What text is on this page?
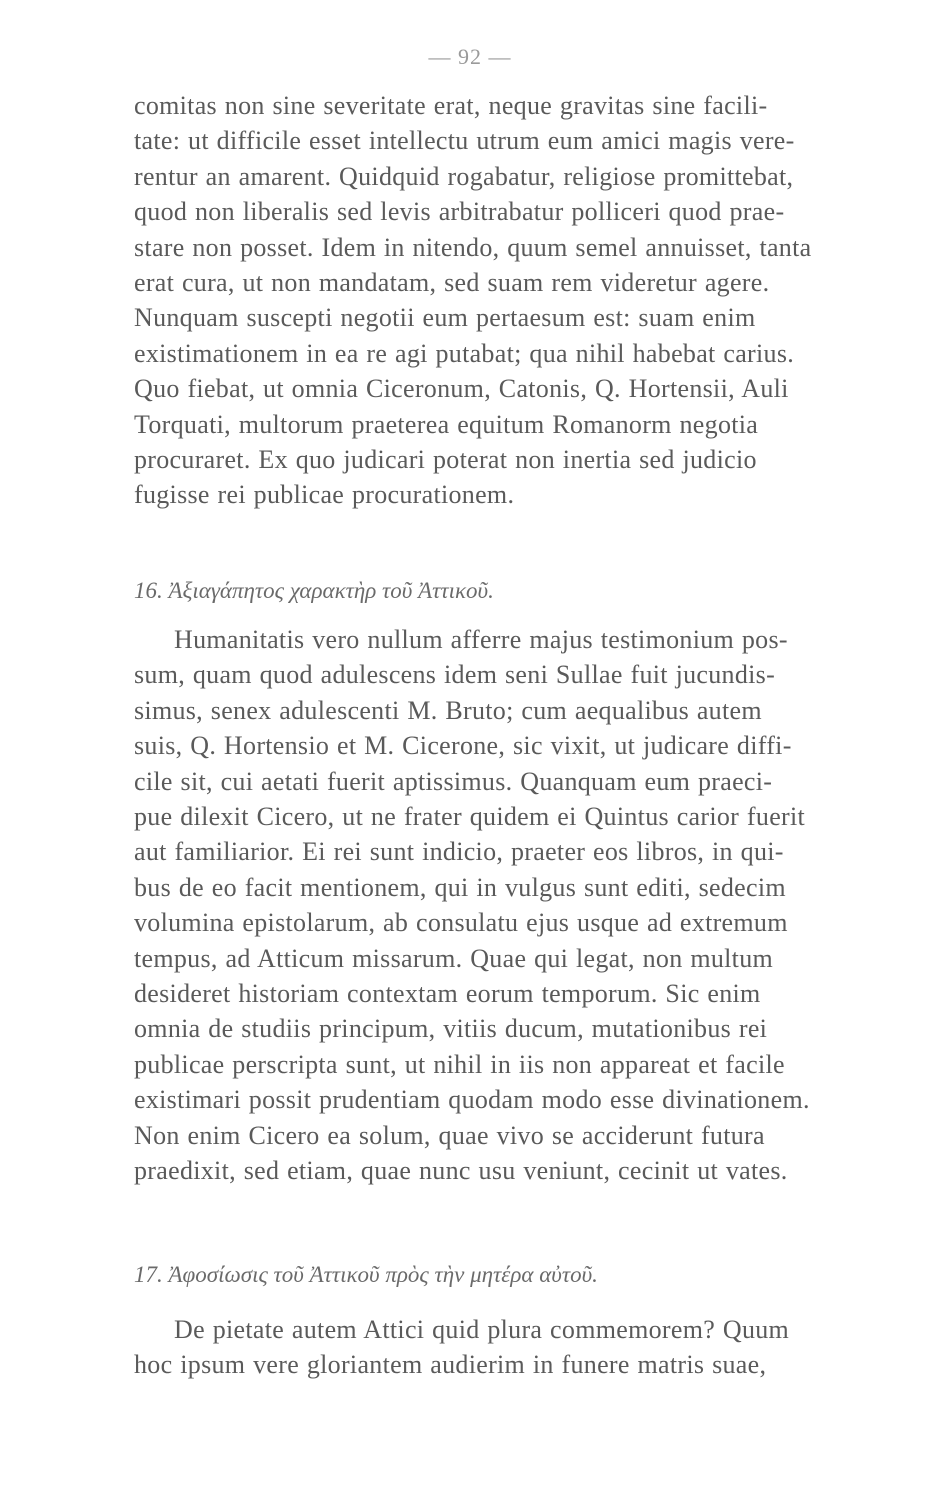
— 92 —

comitas non sine severitate erat, neque gravitas sine facili-
tate: ut difficile esset intellectu utrum eum amici magis vere-
rentur an amarent. Quidquid rogabatur, religiose promittebat,
quod non liberalis sed levis arbitrabatur polliceri quod prae-
stare non posset. Idem in nitendo, quum semel annuisset, tanta
erat cura, ut non mandatam, sed suam rem videretur agere.
Nunquam suscepti negotii eum pertaesum est: suam enim
existimationem in ea re agi putabat; qua nihil habebat carius.
Quo fiebat, ut omnia Ciceronum, Catonis, Q. Hortensii, Auli
Torquati, multorum praeterea equitum Romanorm negotia
procuraret. Ex quo judicari poterat non inertia sed judicio
fugisse rei publicae procurationem.

16. Ἀξιαγάπητος χαρακτὴρ τοῦ Ἀττικοῦ.

Humanitatis vero nullum afferre majus testimonium pos-
sum, quam quod adulescens idem seni Sullae fuit jucundis-
simus, senex adulescenti M. Bruto; cum aequalibus autem
suis, Q. Hortensio et M. Cicerone, sic vixit, ut judicare diffi-
cile sit, cui aetati fuerit aptissimus. Quanquam eum praeci-
pue dilexit Cicero, ut ne frater quidem ei Quintus carior fuerit
aut familiarior. Ei rei sunt indicio, praeter eos libros, in qui-
bus de eo facit mentionem, qui in vulgus sunt editi, sedecim
volumina epistolarum, ab consulatu ejus usque ad extremum
tempus, ad Atticum missarum. Quae qui legat, non multum
desideret historiam contextam eorum temporum. Sic enim
omnia de studiis principum, vitiis ducum, mutationibus rei
publicae perscripta sunt, ut nihil in iis non appareat et facile
existimari possit prudentiam quodam modo esse divinationem.
Non enim Cicero ea solum, quae vivo se acciderunt futura
praedixit, sed etiam, quae nunc usu veniunt, cecinit ut vates.

17. Ἀφοσίωσις τοῦ Ἀττικοῦ πρὸς τὴν μητέρα αὐτοῦ.

De pietate autem Attici quid plura commemorem? Quum
hoc ipsum vere gloriantem audierim in funere matris suae,
